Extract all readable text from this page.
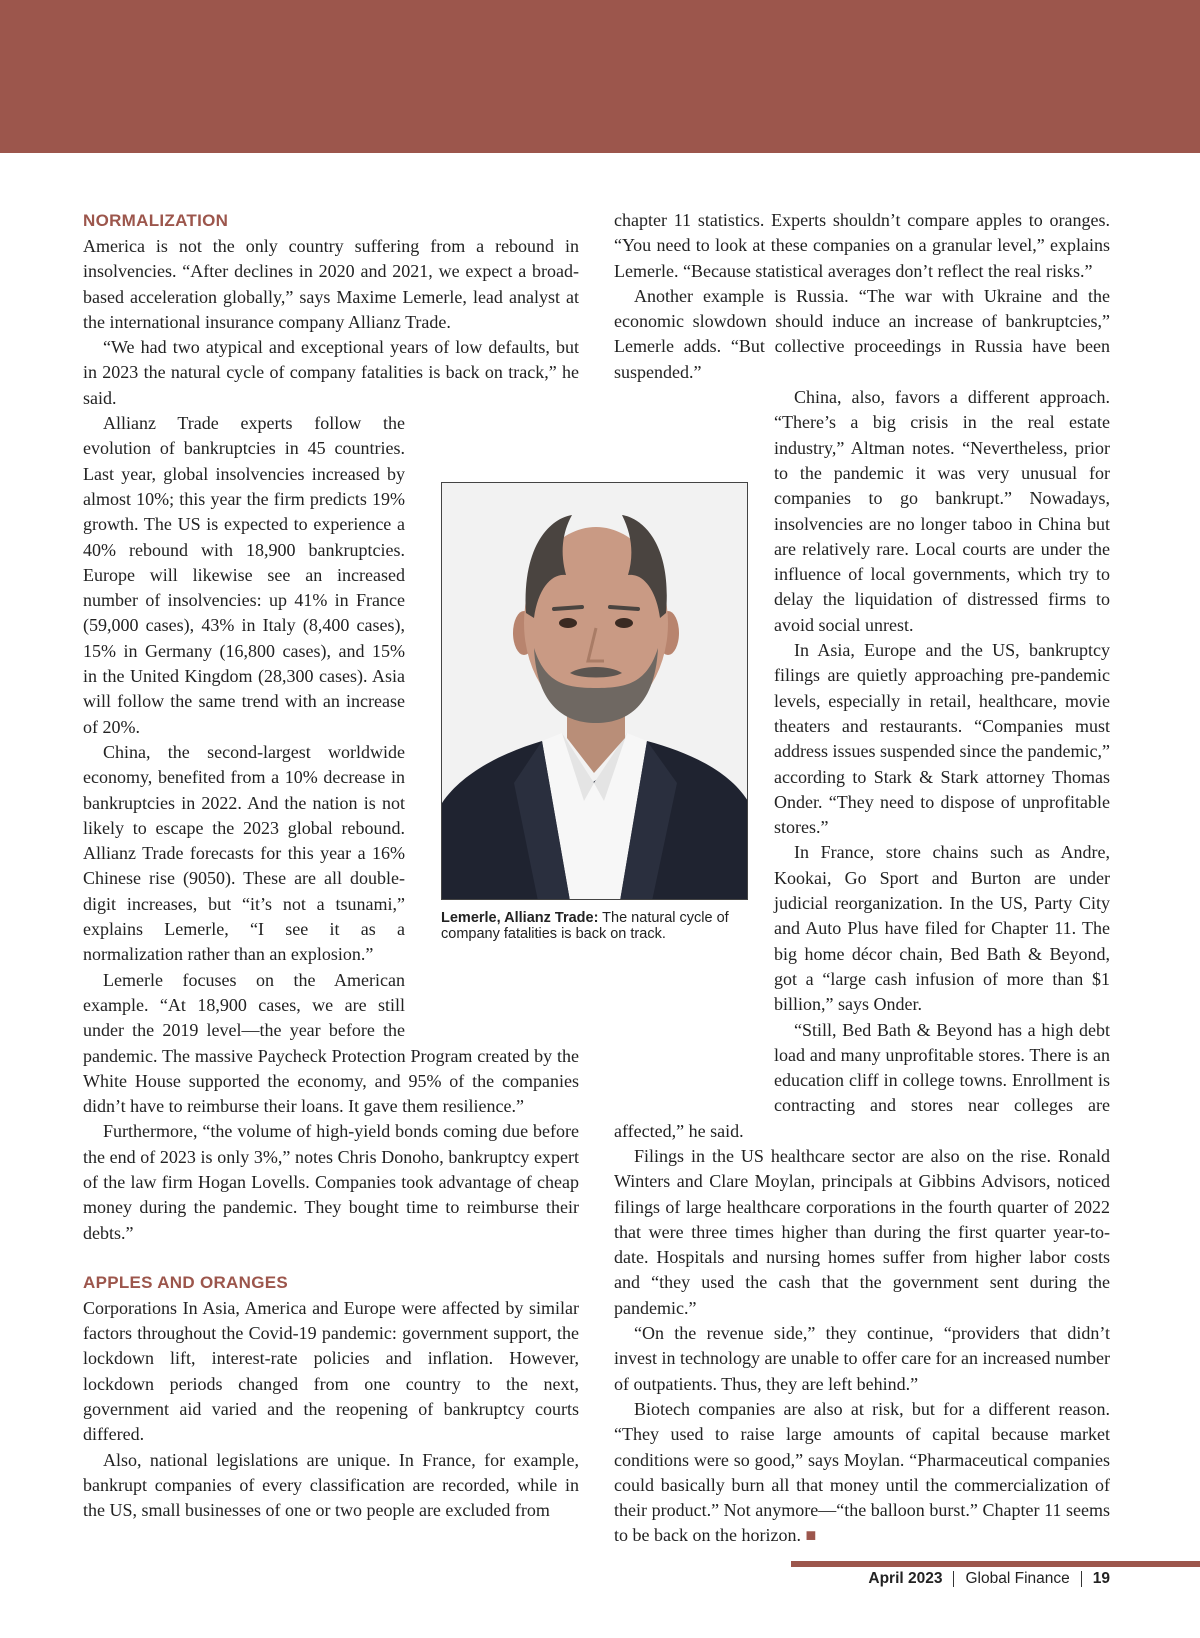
NORMALIZATION

America is not the only country suffering from a rebound in insolvencies. “After declines in 2020 and 2021, we expect a broad-based acceleration globally,” says Maxime Lemerle, lead analyst at the international insurance company Allianz Trade.

“We had two atypical and exceptional years of low defaults, but in 2023 the natural cycle of company fatalities is back on track,” he said.

Allianz Trade experts follow the evolution of bankruptcies in 45 countries. Last year, global insolvencies increased by almost 10%; this year the firm predicts 19% growth. The US is expected to experience a 40% rebound with 18,900 bankruptcies. Europe will likewise see an increased number of insolvencies: up 41% in France (59,000 cases), 43% in Italy (8,400 cases), 15% in Germany (16,800 cases), and 15% in the United Kingdom (28,300 cases). Asia will follow the same trend with an increase of 20%.

China, the second-largest worldwide economy, benefited from a 10% decrease in bankruptcies in 2022. And the nation is not likely to escape the 2023 global rebound. Allianz Trade forecasts for this year a 16% Chinese rise (9050). These are all double-digit increases, but “it’s not a tsunami,” explains Lemerle, “I see it as a normalization rather than an explosion.”

Lemerle focuses on the American example. “At 18,900 cases, we are still under the 2019 level—the year before the pandemic. The massive Paycheck Protection Program created by the White House supported the economy, and 95% of the companies didn’t have to reimburse their loans. It gave them resilience.”

Furthermore, “the volume of high-yield bonds coming due before the end of 2023 is only 3%,” notes Chris Donoho, bankruptcy expert of the law firm Hogan Lovells. Companies took advantage of cheap money during the pandemic. They bought time to reimburse their debts.”

APPLES AND ORANGES

Corporations In Asia, America and Europe were affected by similar factors throughout the Covid-19 pandemic: government support, the lockdown lift, interest-rate policies and inflation. However, lockdown periods changed from one country to the next, government aid varied and the reopening of bankruptcy courts differed.

Also, national legislations are unique. In France, for example, bankrupt companies of every classification are recorded, while in the US, small businesses of one or two people are excluded from

chapter 11 statistics. Experts shouldn’t compare apples to oranges. “You need to look at these companies on a granular level,” explains Lemerle. “Because statistical averages don’t reflect the real risks.”

Another example is Russia. “The war with Ukraine and the economic slowdown should induce an increase of bankruptcies,” Lemerle adds. “But collective proceedings in Russia have been suspended.”

China, also, favors a different approach. “There’s a big crisis in the real estate industry,” Altman notes. “Nevertheless, prior to the pandemic it was very unusual for companies to go bankrupt.” Nowadays, insolvencies are no longer taboo in China but are relatively rare. Local courts are under the influence of local governments, which try to delay the liquidation of distressed firms to avoid social unrest.

In Asia, Europe and the US, bankruptcy filings are quietly approaching pre-pandemic levels, especially in retail, healthcare, movie theaters and restaurants. “Companies must address issues suspended since the pandemic,” according to Stark & Stark attorney Thomas Onder. “They need to dispose of unprofitable stores.”

In France, store chains such as Andre, Kookai, Go Sport and Burton are under judicial reorganization. In the US, Party City and Auto Plus have filed for Chapter 11. The big home décor chain, Bed Bath & Beyond, got a “large cash infusion of more than $1 billion,” says Onder.

“Still, Bed Bath & Beyond has a high debt load and many unprofitable stores. There is an education cliff in college towns. Enrollment is contracting and stores near colleges are affected,” he said.

Filings in the US healthcare sector are also on the rise. Ronald Winters and Clare Moylan, principals at Gibbins Advisors, noticed filings of large healthcare corporations in the fourth quarter of 2022 that were three times higher than during the first quarter year-to-date. Hospitals and nursing homes suffer from higher labor costs and “they used the cash that the government sent during the pandemic.”

“On the revenue side,” they continue, “providers that didn’t invest in technology are unable to offer care for an increased number of outpatients. Thus, they are left behind.”

Biotech companies are also at risk, but for a different reason. “They used to raise large amounts of capital because market conditions were so good,” says Moylan. “Pharmaceutical companies could basically burn all that money until the commercialization of their product.” Not anymore—“the balloon burst.” Chapter 11 seems to be back on the horizon. ■

Lemerle, Allianz Trade: The natural cycle of company fatalities is back on track.
April 2023 Global Finance 19
